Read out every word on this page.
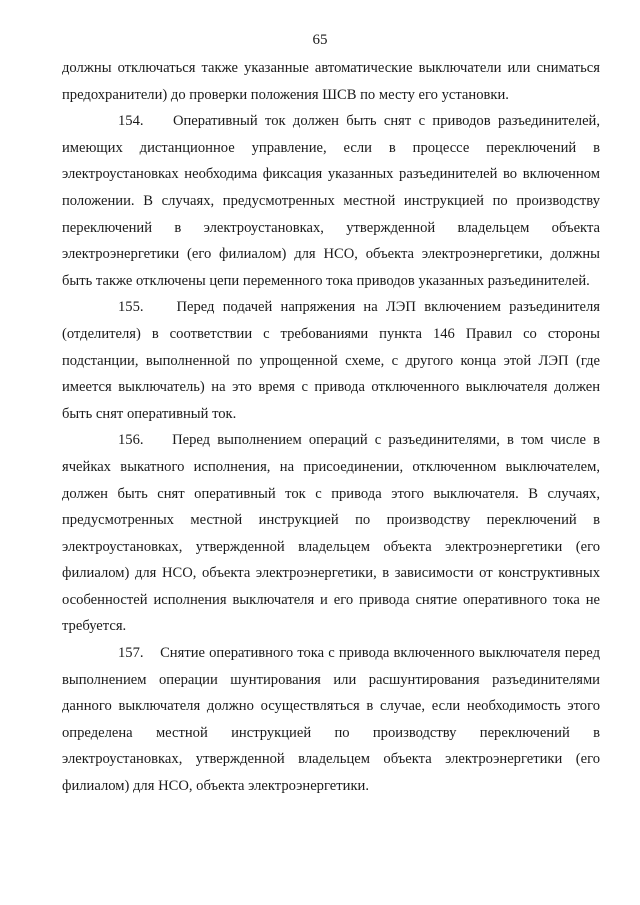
65

должны отключаться также указанные автоматические выключатели или сниматься предохранители) до проверки положения ШСВ по месту его установки.

154. Оперативный ток должен быть снят с приводов разъединителей, имеющих дистанционное управление, если в процессе переключений в электроустановках необходима фиксация указанных разъединителей во включенном положении. В случаях, предусмотренных местной инструкцией по производству переключений в электроустановках, утвержденной владельцем объекта электроэнергетики (его филиалом) для НСО, объекта электроэнергетики, должны быть также отключены цепи переменного тока приводов указанных разъединителей.

155. Перед подачей напряжения на ЛЭП включением разъединителя (отделителя) в соответствии с требованиями пункта 146 Правил со стороны подстанции, выполненной по упрощенной схеме, с другого конца этой ЛЭП (где имеется выключатель) на это время с привода отключенного выключателя должен быть снят оперативный ток.

156. Перед выполнением операций с разъединителями, в том числе в ячейках выкатного исполнения, на присоединении, отключенном выключателем, должен быть снят оперативный ток с привода этого выключателя. В случаях, предусмотренных местной инструкцией по производству переключений в электроустановках, утвержденной владельцем объекта электроэнергетики (его филиалом) для НСО, объекта электроэнергетики, в зависимости от конструктивных особенностей исполнения выключателя и его привода снятие оперативного тока не требуется.

157. Снятие оперативного тока с привода включенного выключателя перед выполнением операции шунтирования или расшунтирования разъединителями данного выключателя должно осуществляться в случае, если необходимость этого определена местной инструкцией по производству переключений в электроустановках, утвержденной владельцем объекта электроэнергетики (его филиалом) для НСО, объекта электроэнергетики.
